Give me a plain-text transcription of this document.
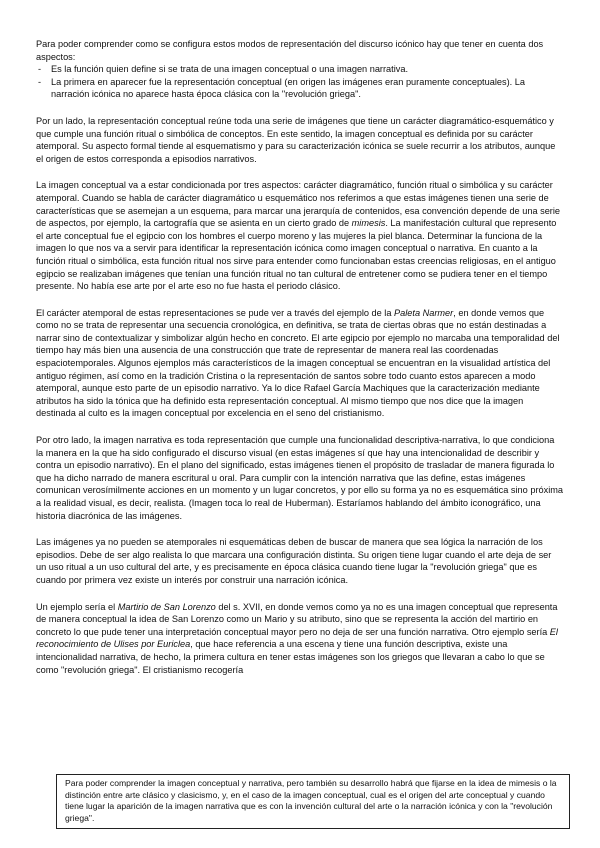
Para poder comprender como se configura estos modos de representación del discurso icónico hay que tener en cuenta dos aspectos:

- Es la función quien define si se trata de una imagen conceptual o una imagen narrativa.
- La primera en aparecer fue la representación conceptual (en origen las imágenes eran puramente conceptuales). La narración icónica no aparece hasta época clásica con la "revolución griega".

Por un lado, la representación conceptual reúne toda una serie de imágenes que tiene un carácter diagramático-esquemático y que cumple una función ritual o simbólica de conceptos. En este sentido, la imagen conceptual es definida por su carácter atemporal. Su aspecto formal tiende al esquematismo y para su caracterización icónica se suele recurrir a los atributos, aunque el origen de estos corresponda a episodios narrativos.

La imagen conceptual va a estar condicionada por tres aspectos: carácter diagramático, función ritual o simbólica y su carácter atemporal. Cuando se habla de carácter diagramático u esquemático nos referimos a que estas imágenes tienen una serie de características que se asemejan a un esquema, para marcar una jerarquía de contenidos, esa convención depende de una serie de aspectos, por ejemplo, la cartografía que se asienta en un cierto grado de mimesis. La manifestación cultural que represento el arte conceptual fue el egipcio con los hombres el cuerpo moreno y las mujeres la piel blanca. Determinar la funciona de la imagen lo que nos va a servir para identificar la representación icónica como imagen conceptual o narrativa. En cuanto a la función ritual o simbólica, esta función ritual nos sirve para entender como funcionaban estas creencias religiosas, en el antiguo egipcio se realizaban imágenes que tenían una función ritual no tan cultural de entretener como se pudiera tener en el tiempo presente. No había ese arte por el arte eso no fue hasta el periodo clásico.

El carácter atemporal de estas representaciones se pude ver a través del ejemplo de la Paleta Narmer, en donde vemos que como no se trata de representar una secuencia cronológica, en definitiva, se trata de ciertas obras que no están destinadas a narrar sino de contextualizar y simbolizar algún hecho en concreto. El arte egipcio por ejemplo no marcaba una temporalidad del tiempo hay más bien una ausencia de una construcción que trate de representar de manera real las coordenadas espaciotemporales. Algunos ejemplos más característicos de la imagen conceptual se encuentran en la visualidad artística del antiguo régimen, así como en la tradición Cristina o la representación de santos sobre todo cuanto estos aparecen a modo atemporal, aunque esto parte de un episodio narrativo. Ya lo dice Rafael García Machiques que la caracterización mediante atributos ha sido la tónica que ha definido esta representación conceptual. Al mismo tiempo que nos dice que la imagen destinada al culto es la imagen conceptual por excelencia en el seno del cristianismo.

Por otro lado, la imagen narrativa es toda representación que cumple una funcionalidad descriptiva-narrativa, lo que condiciona la manera en la que ha sido configurado el discurso visual (en estas imágenes sí que hay una intencionalidad de describir y contra un episodio narrativo). En el plano del significado, estas imágenes tienen el propósito de trasladar de manera figurada lo que ha dicho narrado de manera escritural u oral. Para cumplir con la intención narrativa que las define, estas imágenes comunican verosímilmente acciones en un momento y un lugar concretos, y por ello su forma ya no es esquemática sino próxima a la realidad visual, es decir, realista. (Imagen toca lo real de Huberman). Estaríamos hablando del ámbito iconográfico, una historia diacrónica de las imágenes.

Las imágenes ya no pueden se atemporales ni esquemáticas deben de buscar de manera que sea lógica la narración de los episodios. Debe de ser algo realista lo que marcara una configuración distinta. Su origen tiene lugar cuando el arte deja de ser un uso ritual a un uso cultural del arte, y es precisamente en época clásica cuando tiene lugar la "revolución griega" que es cuando por primera vez existe un interés por construir una narración icónica.

Un ejemplo sería el Martirio de San Lorenzo del s. XVII, en donde vemos como ya no es una imagen conceptual que representa de manera conceptual la idea de San Lorenzo como un Mario y su atributo, sino que se representa la acción del martirio en concreto lo que pude tener una interpretación conceptual mayor pero no deja de ser una función narrativa. Otro ejemplo sería El reconocimiento de Ulises por Euriclea, que hace referencia a una escena y tiene una función descriptiva, existe una intencionalidad narrativa, de hecho, la primera cultura en tener estas imágenes son los griegos que llevaran a cabo lo que se como "revolución griega". El cristianismo recogería

Para poder comprender la imagen conceptual y narrativa, pero también su desarrollo habrá que fijarse en la idea de mimesis o la distinción entre arte clásico y clasicismo, y, en el caso de la imagen conceptual, cual es el origen del arte conceptual y cuando tiene lugar la aparición de la imagen narrativa que es con la invención cultural del arte o la narración icónica y con la "revolución griega".
